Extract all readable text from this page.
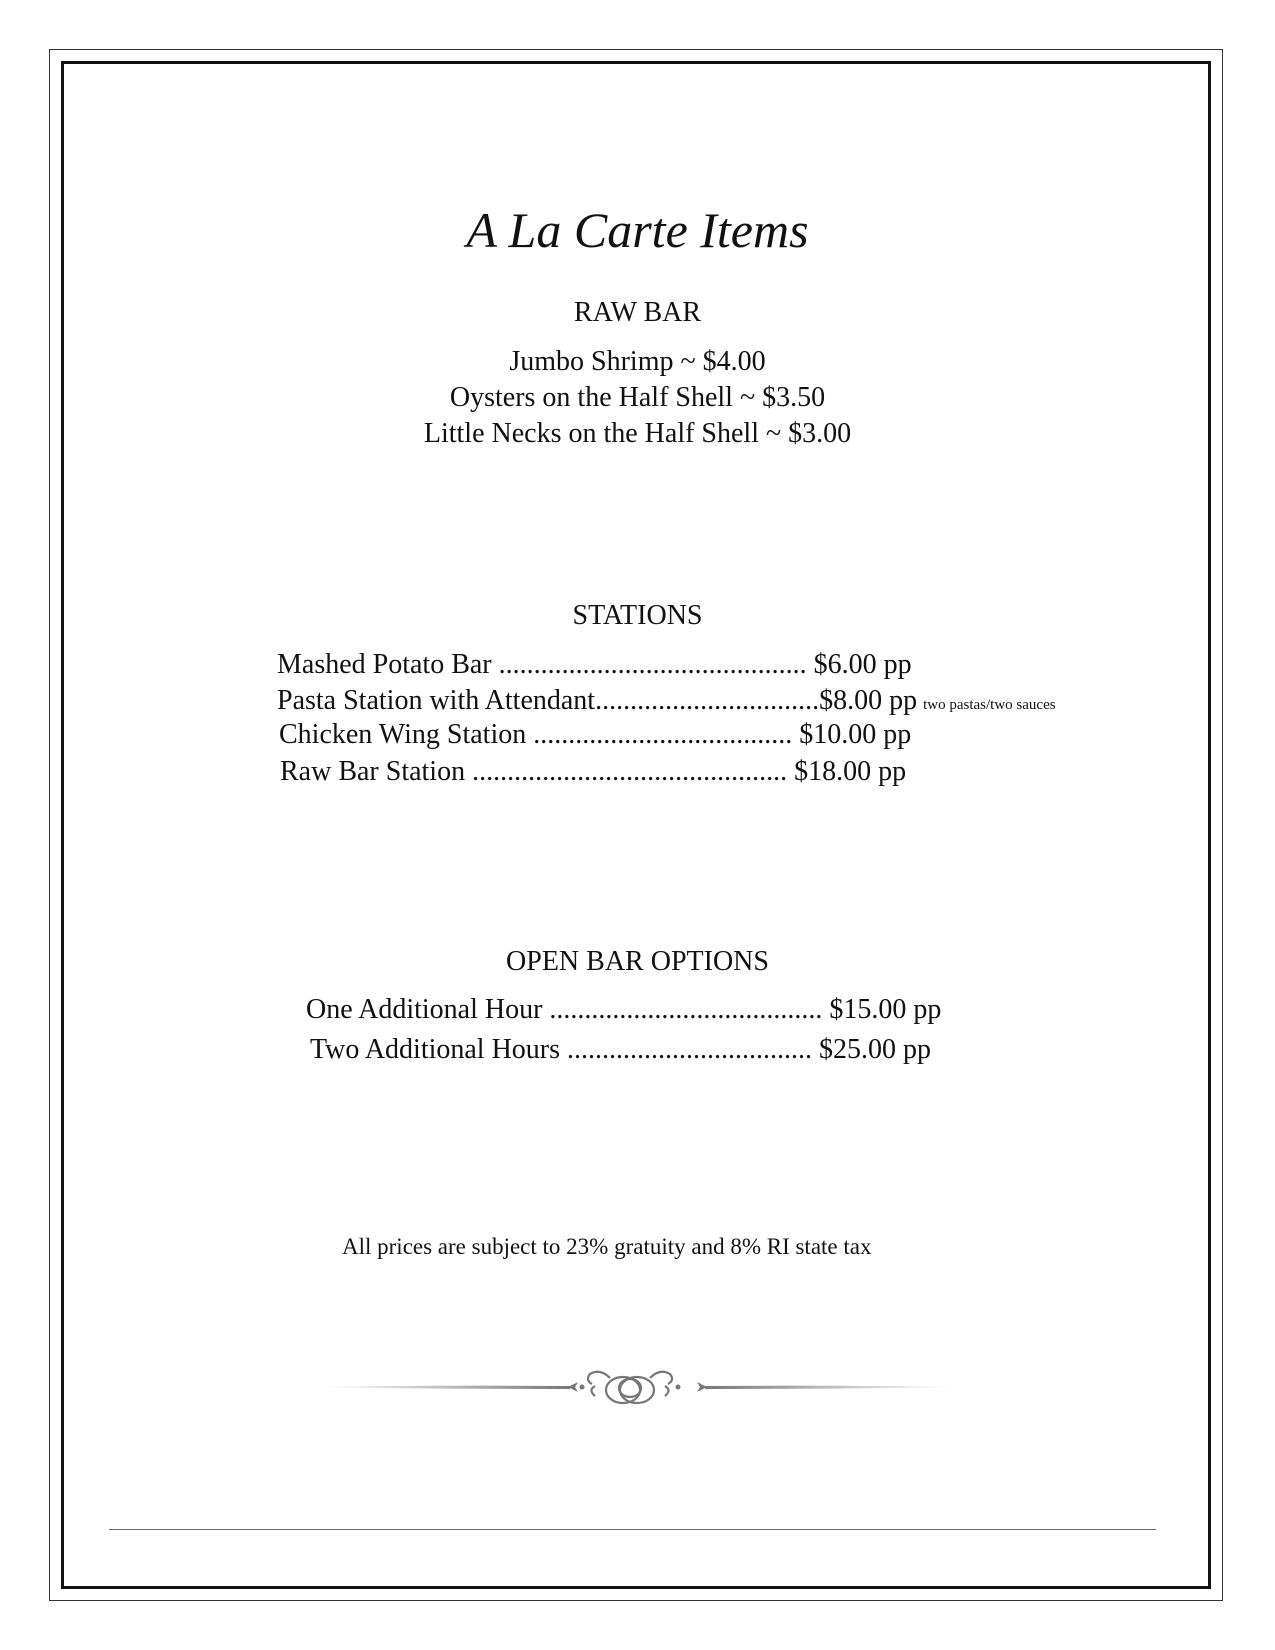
A La Carte Items
RAW BAR
Jumbo Shrimp ~ $4.00
Oysters on the Half Shell ~ $3.50
Little Necks on the Half Shell ~ $3.00
STATIONS
Mashed Potato Bar ............................................ $6.00 pp
Pasta Station with Attendant................................$8.00 pp two pastas/two sauces
Chicken Wing Station ..................................... $10.00 pp
Raw Bar Station ............................................. $18.00 pp
OPEN BAR OPTIONS
One Additional Hour ....................................... $15.00 pp
Two Additional Hours ................................... $25.00 pp
All prices are subject to 23% gratuity and 8% RI state tax
